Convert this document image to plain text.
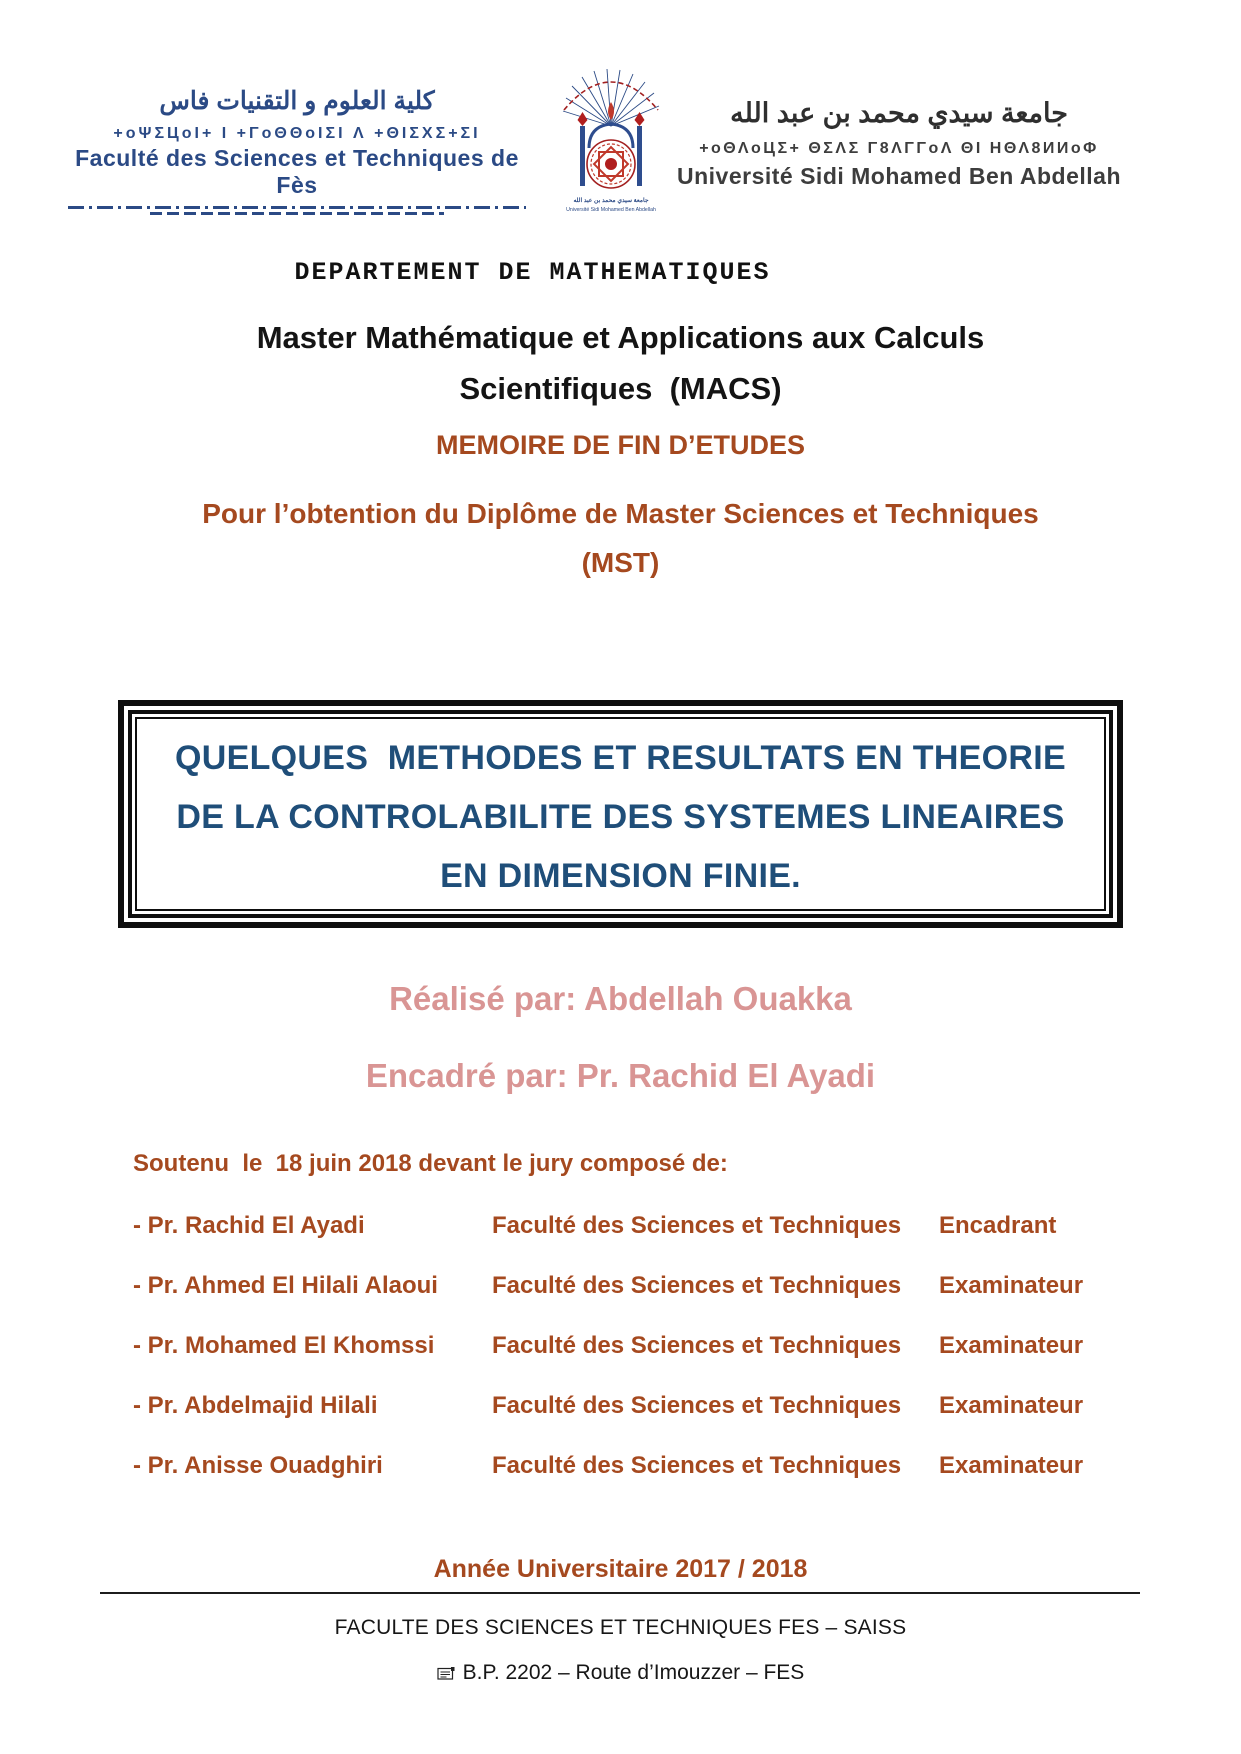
كلية العلوم و التقنيات فاس
+oΨΣЦoI+ I +ΓoΘΘoIΣI Λ +ΘIΣΧΣ+ΣI
Faculté des Sciences et Techniques de Fès
جامعة سيدي محمد بن عبد الله
Université Sidi Mohamed Ben Abdellah
جامعة سيدي محمد بن عبد الله
+oΘΛoЦΣ+ ΘΣΛΣ Γ8ΛΓΓoΛ ΘI ΗΘΛ8ИИoΦ
Université Sidi Mohamed Ben Abdellah
DEPARTEMENT DE MATHEMATIQUES
Master Mathématique et Applications aux Calculs
Scientifiques  (MACS)
MEMOIRE DE FIN D’ETUDES
Pour l’obtention du Diplôme de Master Sciences et Techniques
(MST)
QUELQUES  METHODES ET RESULTATS EN THEORIE
DE LA CONTROLABILITE DES SYSTEMES LINEAIRES
EN DIMENSION FINIE.
Réalisé par: Abdellah Ouakka
Encadré par: Pr. Rachid El Ayadi
Soutenu  le  18 juin 2018 devant le jury composé de:
- Pr. Rachid El Ayadi	Faculté des Sciences et Techniques	Encadrant
- Pr. Ahmed El Hilali Alaoui	Faculté des Sciences et Techniques	Examinateur
- Pr. Mohamed El Khomssi	Faculté des Sciences et Techniques	Examinateur
- Pr. Abdelmajid Hilali	Faculté des Sciences et Techniques	Examinateur
- Pr. Anisse Ouadghiri	Faculté des Sciences et Techniques	Examinateur
Année Universitaire 2017 / 2018
FACULTE DES SCIENCES ET TECHNIQUES FES – SAISS
B.P. 2202 – Route d’Imouzzer – FES
